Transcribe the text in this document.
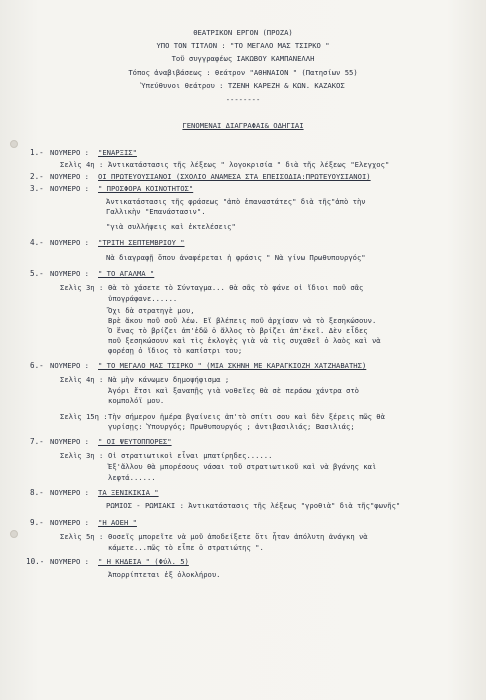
ΘΕΑΤΡΙΚΟΝ ΕΡΓΟΝ (ΠΡΟΖΑ)
ΥΠΟ ΤΟΝ ΤΙΤΛΟΝ : "ΤΟ ΜΕΓΑΛΟ ΜΑΣ ΤΣΙΡΚΟ "
Τοῦ συγγραφέως ΙΑΚΩΒΟΥ ΚΑΜΠΑΝΕΛΛΗ
Τόπος ἀναβιβάσεως : θεάτρον "ΑΘΗΝΑΙΟΝ " (Πατησίων 55)
Ὑπεύθυνοι θεάτρου : ΤΖΕΝΗ ΚΑΡΕΖΗ & ΚΩΝ. ΚΑΖΑΚΟΣ
--------
ΓΕΝΟΜΕΝΑΙ ΔΙΑΓΡΑΦΑΙ& ΟΔΗΓΙΑΙ
1.- ΝΟΥΜΕΡΟ : "ΕΝΑΡΞΙΣ"
Σελὶς 4η : Ἀντικατάστασις τῆς λέξεως " λογοκρισία " διὰ τῆς λέξεως "Ελεγχος"
2.- ΝΟΥΜΕΡΟ : ΟΙ ΠΡΩΤΕΥΟΥΣΙΑΝΟΙ (ΣΧΟΛΙΟ ΑΝΑΜΕΣΑ ΣΤΑ ΕΠΕΙΣΟΔΙΑ:ΠΡΩΤΕΥΟΥΣΙΑΝΟΙ)
3.- ΝΟΥΜΕΡΟ : " ΠΡΟΣΦΟΡΑ ΚΟΙΝΟΤΗΤΟΣ"
Ἀντικατάστασις τῆς φράσεως "ἀπὸ ἐπαναστάτες" διὰ τῆς"ἀπὸ τὴν
Γαλλικὴν "Επανάστασιν".
"γιὰ συλλήψεις καὶ ἐκτελέσεις"
4.- ΝΟΥΜΕΡΟ : "ΤΡΙΤΗ ΣΕΠΤΕΜΒΡΙΟΥ "
Νὰ διαγραφῇ ὅπου ἀναφέρεται ἡ φράσις " Νὰ γίνω Πρωθυπουργός"
5.- ΝΟΥΜΕΡΟ : " ΤΟ ΑΓΑΛΜΑ "
Σελὶς 3η : Θὰ τὸ χάσετε τὸ Σύνταγμα... θὰ σᾶς τὸ φάνε οἱ ἴδιοι ποῦ σᾶς
ὑπογράφανε......
Ὄχι δὰ στρατηγὲ μου,
Βρὲ ἄκου ποῦ σοῦ λέω. Εἴ βλέπεις ποῦ ἀρχίσαν νὰ τὸ ξεσηκώσουν.
Ὁ ἕνας τὸ βρίζει ἀπ'ἐδῶ ὁ ἄλλος τὸ βρίζει ἀπ'ἐκεῖ. Δὲν εἶδες
ποῦ ξεσηκώσουν καὶ τὶς ἐκλογὲς γιὰ νὰ τὶς συχαθεῖ ὁ λαὸς καὶ νὰ
φορέσῃ ὁ ἴδιος τὸ καπίστρι του;
6.- ΝΟΥΜΕΡΟ : " ΤΟ ΜΕΓΑΛΟ ΜΑΣ ΤΣΙΡΚΟ " (ΜΙΑ ΣΚΗΝΗ ΜΕ ΚΑΡΑΓΚΙΟΖΗ ΧΑΤΖΗΑΒΑΤΗΣ)
Σελὶς 4η : Νὰ μὴν κάνωμεν δημοψήφισμα ;
Ἀγόρι ἔτσι καὶ ξαναπῇς γιὰ νοθεῖες θὰ σὲ περάσω χάντρα στὸ
κομπολόϊ μου.
Σελὶς 15η : Τὴν σήμερον ἡμέρα βγαίνεις ἀπ'τὸ σπίτι σου καὶ δὲν ξέρεις πῶς θὰ
γυρίσῃς: Ὑπουργός; Πρωθυπουργός ; ἀντιβασιλιάς; Βασιλιάς;
7.- ΝΟΥΜΕΡΟ : " ΟΙ ΨΕΥΤΟΠΠΟΡΕΣ"
Σελὶς 3η : Οἱ στρατιωτικοὶ εἶναι μπατίρηδες......
Ἐξ'ἄλλου θὰ μπορέσους νάσαι τοῦ στρατιωτικοῦ καὶ νὰ βγάνης καὶ
λεφτά......
8.- ΝΟΥΜΕΡΟ : ΤΑ ΞΕΝΙΚΙΚΙΑ "
ΡΩΜΙΟΣ - ΡΩΜΙΑΚΙ : Ἀντικατάστασις τῆς λέξεως "γροθιὰ" διὰ τῆς"φωνῆς"
9.- ΝΟΥΜΕΡΟ : "Η ΑΟΕΗ "
Σελὶς 5η : Θοσεῖς μπορεῖτε νὰ μοῦ ἀποδείξετε ὅτι ἦταν ἀπόλυτη ἀνάγκη νὰ
κάμετε...πῶς τὸ εἶπε ὁ στρατιώτης ".
10.- ΝΟΥΜΕΡΟ : " Η ΚΗΔΕΙΑ " (Φύλ. 5)
Ἀπορρίπτεται ἐξ ὁλοκλήρου.
